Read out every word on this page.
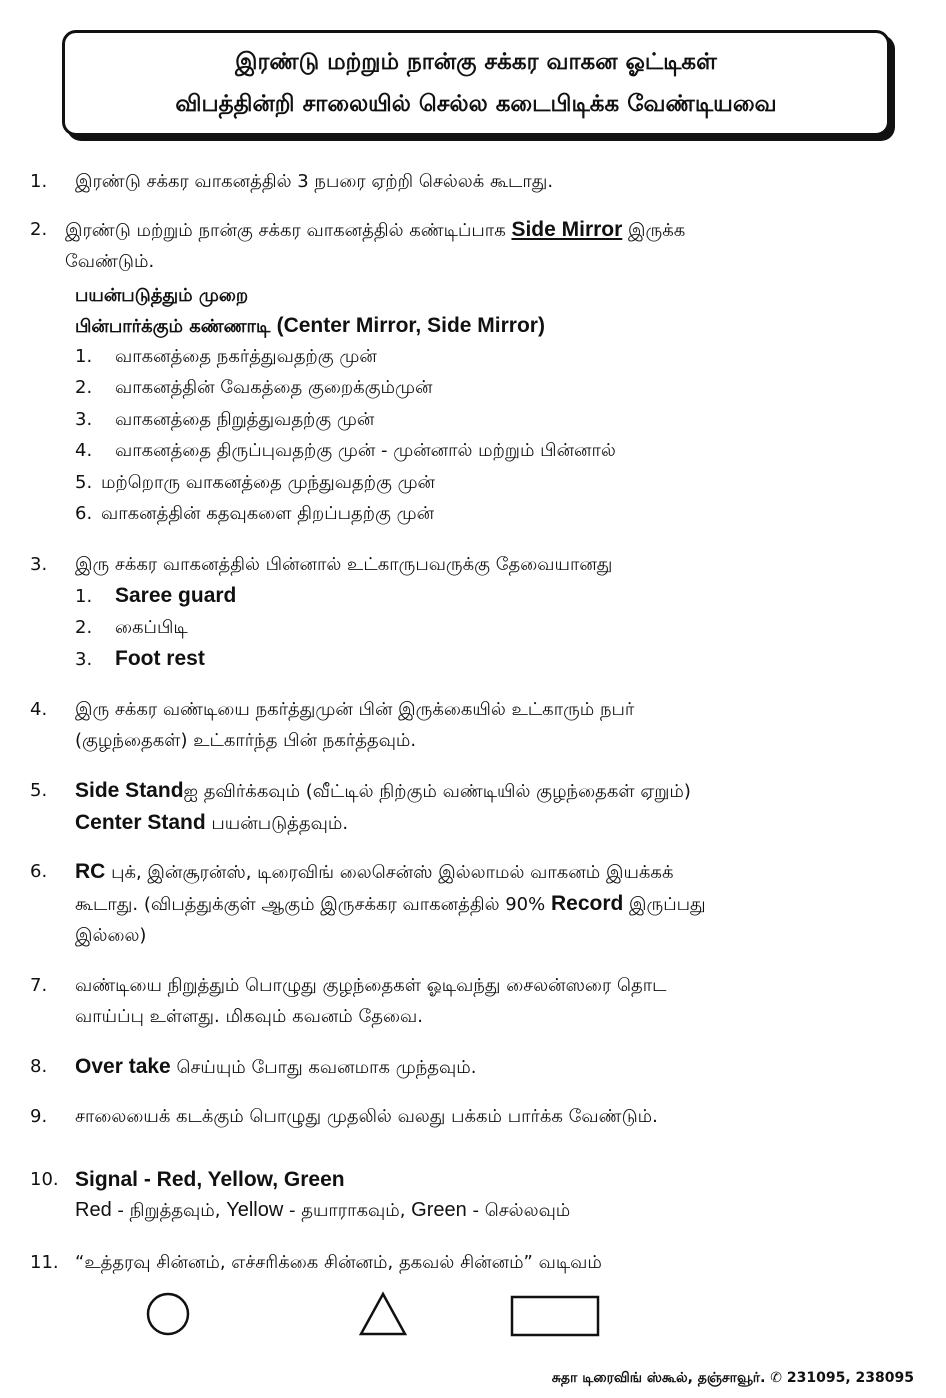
இரண்டு மற்றும் நான்கு சக்கர வாகன ஓட்டிகள்
விபத்தின்றி சாலையில் செல்ல கடைபிடிக்க வேண்டியவை
1. இரண்டு சக்கர வாகனத்தில் 3 நபரை ஏற்றி செல்லக் கூடாது.
2. இரண்டு மற்றும் நான்கு சக்கர வாகனத்தில் கண்டிப்பாக Side Mirror இருக்க
வேண்டும்.
பயன்படுத்தும் முறை
பின்பார்க்கும் கண்ணாடி (Center Mirror, Side Mirror)
1. வாகனத்தை நகர்த்துவதற்கு முன்
2. வாகனத்தின் வேகத்தை குறைக்கும்முன்
3. வாகனத்தை நிறுத்துவதற்கு முன்
4. வாகனத்தை திருப்புவதற்கு முன் - முன்னால் மற்றும் பின்னால்
5. மற்றொரு வாகனத்தை முந்துவதற்கு முன்
6. வாகனத்தின் கதவுகளை திறப்பதற்கு முன்
3. இரு சக்கர வாகனத்தில் பின்னால் உட்காருபவருக்கு தேவையானது
1. Saree guard
2. கைப்பிடி
3. Foot rest
4. இரு சக்கர வண்டியை நகர்த்துமுன் பின் இருக்கையில் உட்காரும் நபர்
(குழந்தைகள்) உட்கார்ந்த பின் நகர்த்தவும்.
5. Side Standஐ தவிர்க்கவும் (வீட்டில் நிற்கும் வண்டியில் குழந்தைகள் ஏறும்)
Center Stand பயன்படுத்தவும்.
6. RC புக், இன்சூரன்ஸ், டிரைவிங் லைசென்ஸ் இல்லாமல் வாகனம் இயக்கக்
கூடாது. (விபத்துக்குள் ஆகும் இருசக்கர வாகனத்தில் 90% Record இருப்பது
இல்லை)
7. வண்டியை நிறுத்தும் பொழுது குழந்தைகள் ஓடிவந்து சைலன்ஸரை தொட
வாய்ப்பு உள்ளது. மிகவும் கவனம் தேவை.
8. Over take செய்யும் போது கவனமாக முந்தவும்.
9. சாலையைக் கடக்கும் பொழுது முதலில் வலது பக்கம் பார்க்க வேண்டும்.
10. Signal - Red, Yellow, Green
Red - நிறுத்தவும், Yellow - தயாராகவும், Green - செல்லவும்
11. “உத்தரவு சின்னம், எச்சரிக்கை சின்னம், தகவல் சின்னம்” வடிவம்
சுதா டிரைவிங் ஸ்கூல், தஞ்சாவூர். ✆ 231095, 238095
